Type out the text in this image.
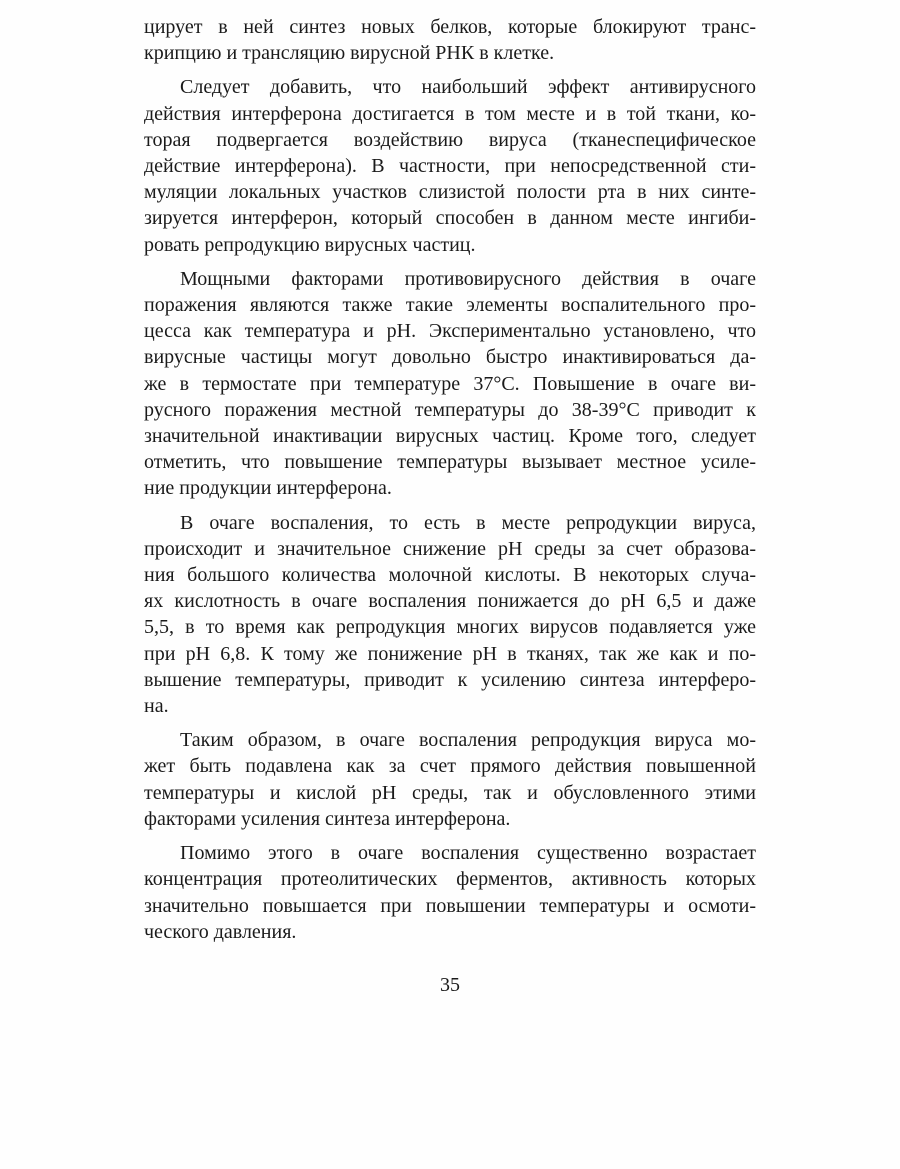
цирует в ней синтез новых белков, которые блокируют транс-
крипцию и трансляцию вирусной РНК в клетке.
Следует добавить, что наибольший эффект антивирусного
действия интерферона достигается в том месте и в той ткани, ко-
торая подвергается воздействию вируса (тканеспецифическое
действие интерферона). В частности, при непосредственной сти-
муляции локальных участков слизистой полости рта в них синте-
зируется интерферон, который способен в данном месте ингиби-
ровать репродукцию вирусных частиц.
Мощными факторами противовирусного действия в очаге
поражения являются также такие элементы воспалительного про-
цесса как температура и рН. Экспериментально установлено, что
вирусные частицы могут довольно быстро инактивироваться да-
же в термостате при температуре 37°С. Повышение в очаге ви-
русного поражения местной температуры до 38-39°С приводит к
значительной инактивации вирусных частиц. Кроме того, следует
отметить, что повышение температуры вызывает местное усиле-
ние продукции интерферона.
В очаге воспаления, то есть в месте репродукции вируса,
происходит и значительное снижение рН среды за счет образова-
ния большого количества молочной кислоты. В некоторых случа-
ях кислотность в очаге воспаления понижается до рН 6,5 и даже
5,5, в то время как репродукция многих вирусов подавляется уже
при рН 6,8. К тому же понижение рН в тканях, так же как и по-
вышение температуры, приводит к усилению синтеза интерферо-
на.
Таким образом, в очаге воспаления репродукция вируса мо-
жет быть подавлена как за счет прямого действия повышенной
температуры и кислой рН среды, так и обусловленного этими
факторами усиления синтеза интерферона.
Помимо этого в очаге воспаления существенно возрастает
концентрация протеолитических ферментов, активность которых
значительно повышается при повышении температуры и осмоти-
ческого давления.
35
